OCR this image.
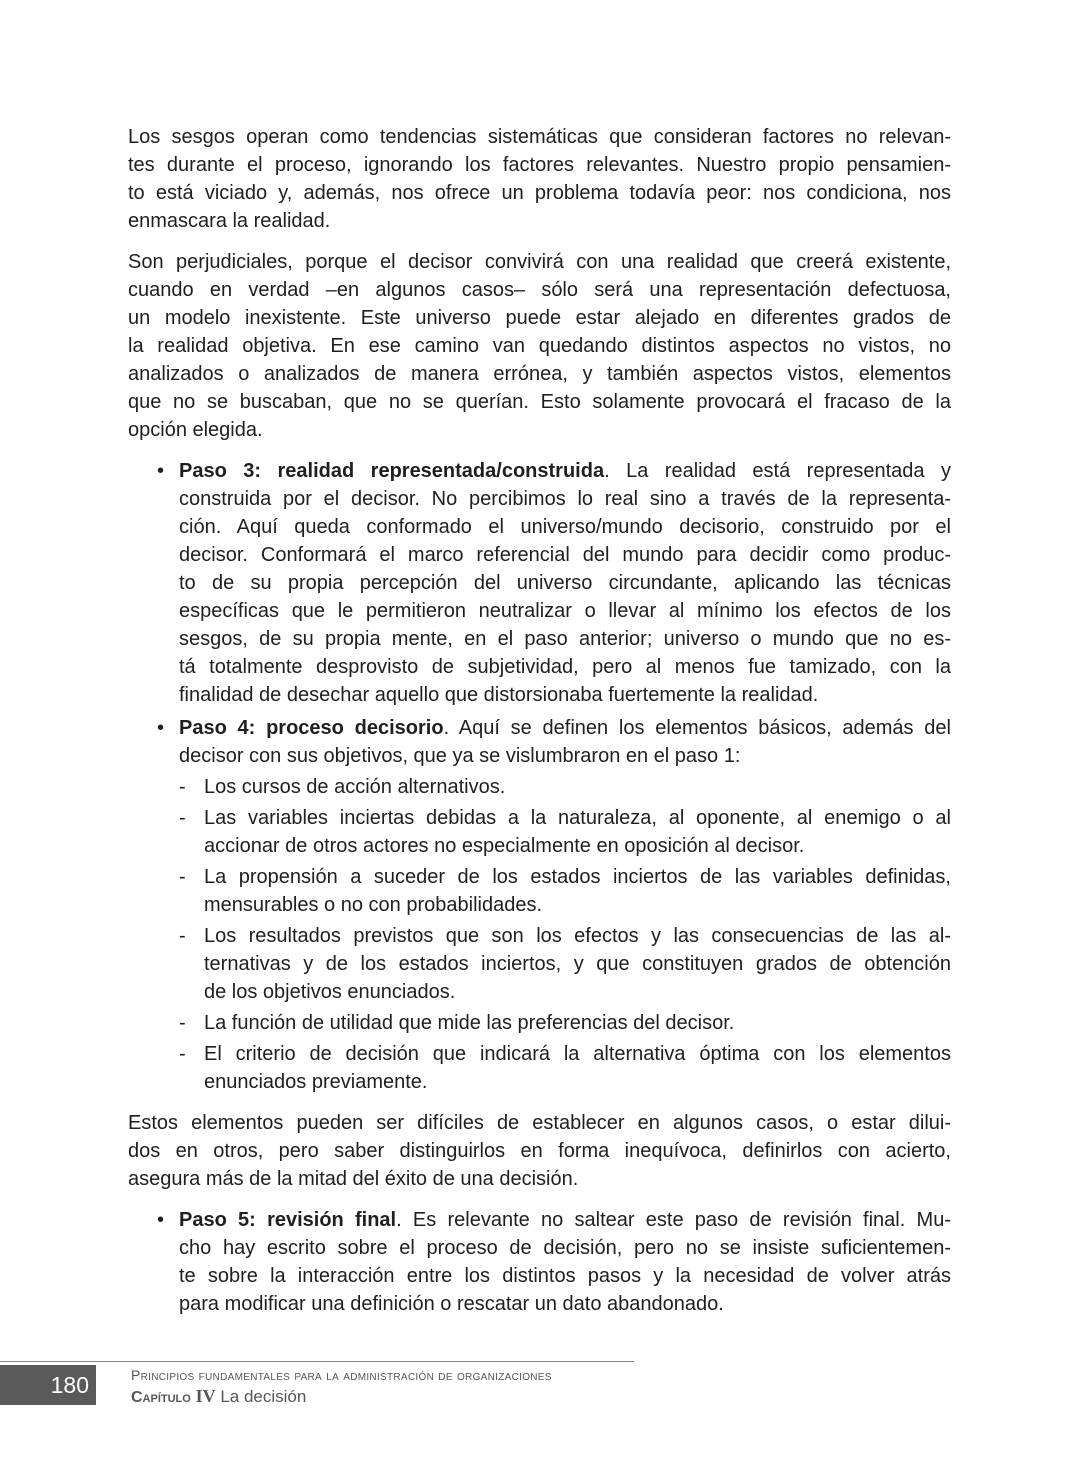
Los sesgos operan como tendencias sistemáticas que consideran factores no relevan-
tes durante el proceso, ignorando los factores relevantes. Nuestro propio pensamien-
to está viciado y, además, nos ofrece un problema todavía peor: nos condiciona, nos
enmascara la realidad.
Son perjudiciales, porque el decisor convivirá con una realidad que creerá existente,
cuando en verdad –en algunos casos– sólo será una representación defectuosa,
un modelo inexistente. Este universo puede estar alejado en diferentes grados de
la realidad objetiva. En ese camino van quedando distintos aspectos no vistos, no
analizados o analizados de manera errónea, y también aspectos vistos, elementos
que no se buscaban, que no se querían. Esto solamente provocará el fracaso de la
opción elegida.
• Paso 3: realidad representada/construida. La realidad está representada y
construida por el decisor. No percibimos lo real sino a través de la representa-
ción. Aquí queda conformado el universo/mundo decisorio, construido por el
decisor. Conformará el marco referencial del mundo para decidir como produc-
to de su propia percepción del universo circundante, aplicando las técnicas
específicas que le permitieron neutralizar o llevar al mínimo los efectos de los
sesgos, de su propia mente, en el paso anterior; universo o mundo que no es-
tá totalmente desprovisto de subjetividad, pero al menos fue tamizado, con la
finalidad de desechar aquello que distorsionaba fuertemente la realidad.
• Paso 4: proceso decisorio. Aquí se definen los elementos básicos, además del
decisor con sus objetivos, que ya se vislumbraron en el paso 1:
- Los cursos de acción alternativos.
- Las variables inciertas debidas a la naturaleza, al oponente, al enemigo o al
accionar de otros actores no especialmente en oposición al decisor.
- La propensión a suceder de los estados inciertos de las variables definidas,
mensurables o no con probabilidades.
- Los resultados previstos que son los efectos y las consecuencias de las al-
ternativas y de los estados inciertos, y que constituyen grados de obtención
de los objetivos enunciados.
- La función de utilidad que mide las preferencias del decisor.
- El criterio de decisión que indicará la alternativa óptima con los elementos
enunciados previamente.
Estos elementos pueden ser difíciles de establecer en algunos casos, o estar dilui-
dos en otros, pero saber distinguirlos en forma inequívoca, definirlos con acierto,
asegura más de la mitad del éxito de una decisión.
• Paso 5: revisión final. Es relevante no saltear este paso de revisión final. Mu-
cho hay escrito sobre el proceso de decisión, pero no se insiste suficientemen-
te sobre la interacción entre los distintos pasos y la necesidad de volver atrás
para modificar una definición o rescatar un dato abandonado.
180	Principios fundamentales para la administración de organizaciones
Capítulo IV La decisión
